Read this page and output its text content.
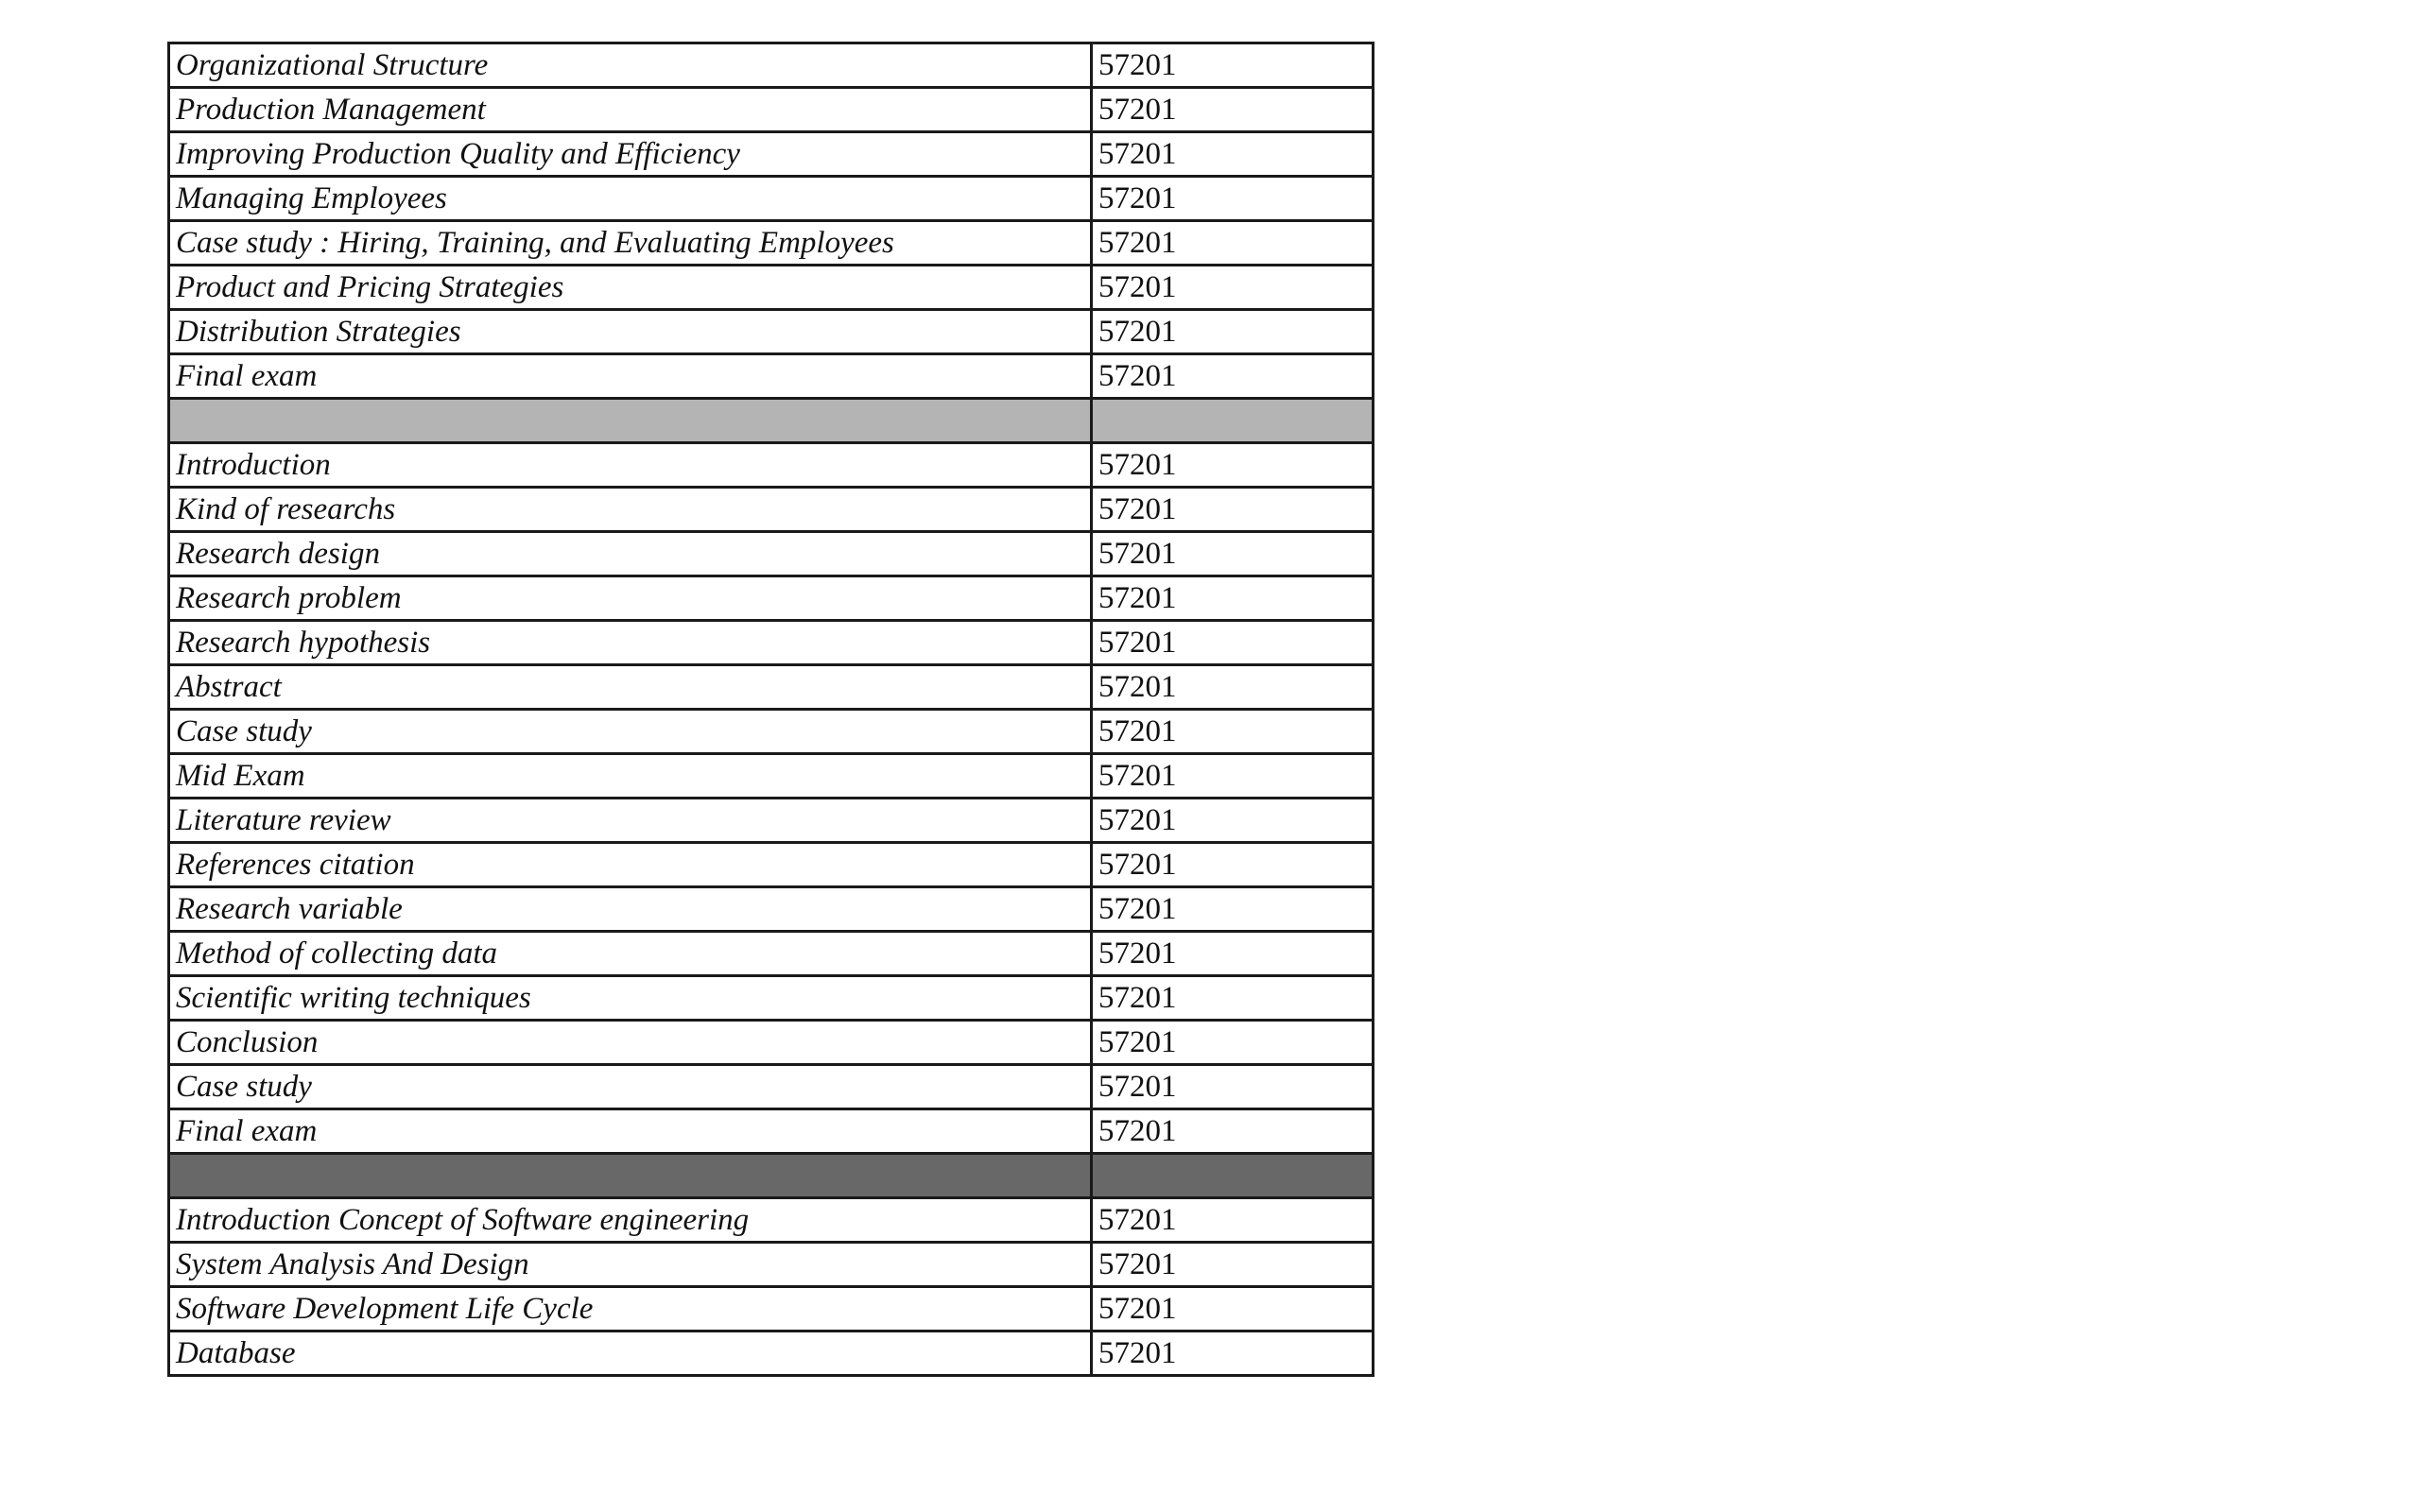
Organizational Structure	57201
Production Management	57201
Improving Production Quality and Efficiency	57201
Managing Employees	57201
Case study : Hiring, Training, and Evaluating Employees	57201
Product and Pricing Strategies	57201
Distribution Strategies	57201
Final exam	57201

Introduction	57201
Kind of researchs	57201
Research design	57201
Research problem	57201
Research hypothesis	57201
Abstract	57201
Case study	57201
Mid Exam	57201
Literature review	57201
References citation	57201
Research variable	57201
Method of collecting data	57201
Scientific writing techniques	57201
Conclusion	57201
Case study	57201
Final exam	57201

Introduction Concept of Software engineering	57201
System Analysis And Design	57201
Software Development Life Cycle	57201
Database	57201
